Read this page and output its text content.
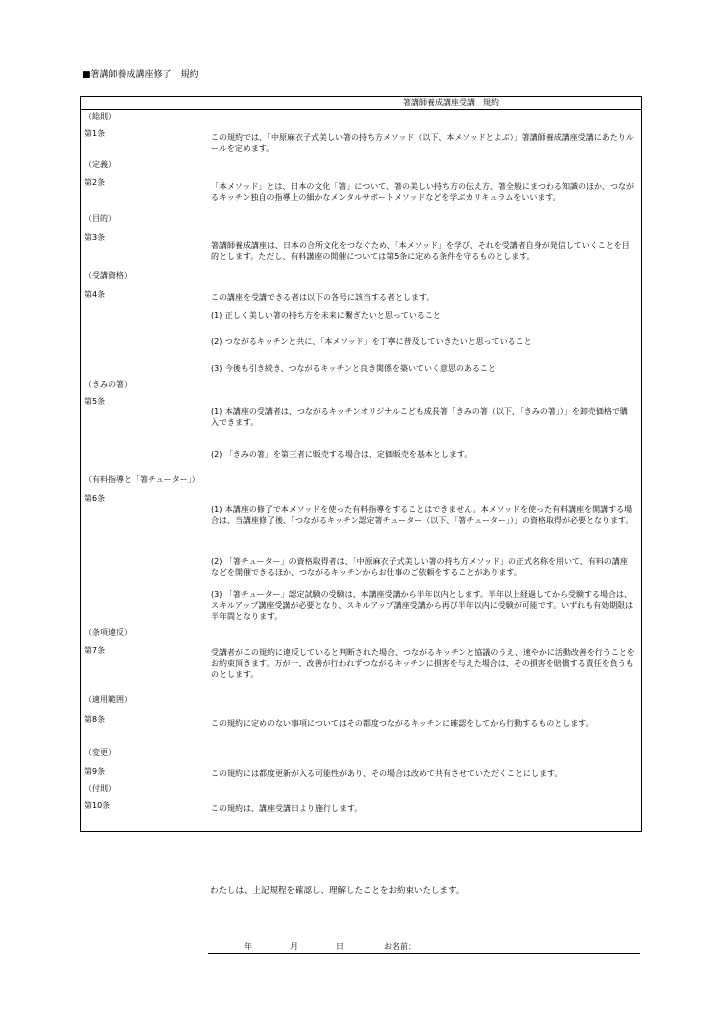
■箸講師養成講座修了　規約
箸講師養成講座受講　規約
（総則）
第1条	この規約では、「中原麻衣子式美しい箸の持ち方メソッド（以下、本メソッドとよぶ）」箸講師養成講座受講にあたりルールを定めます。
（定義）
第2条	「本メソッド」とは、日本の文化「箸」について、箸の美しい持ち方の伝え方、箸全般にまつわる知識のほか、つながるキッチン独自の指導上の細かなメンタルサポートメソッドなどを学ぶカリキュラムをいいます。
（目的）
第3条
箸講師養成講座は、日本の合所文化をつなぐため、「本メソッド」を学び、それを受講者自身が発信していくことを目的とします。ただし、有料講座の開催については第5条に定める条件を守るものとします。
（受講資格）
第4条	この講座を受講できる者は以下の各号に該当する者とします。
(1) 正しく美しい箸の持ち方を未来に繋ぎたいと思っていること
(2) つながるキッチンと共に、「本メソッド」を丁寧に普及していきたいと思っていること
(3) 今後も引き続き、つながるキッチンと良き関係を築いていく意思のあること
（きみの箸）
第5条
(1) 本講座の受講者は、つながるキッチンオリジナルこども成長箸「きみの箸（以下、「きみの箸」）」を卸売価格で購入できます。
(2) 「きみの箸」を第三者に販売する場合は、定価販売を基本とします。
（有料指導と「箸チューター」）
第6条
(1) 本講座の修了で本メソッドを使った有料指導をすることはできません。本メソッドを使った有料講座を開講する場合は、当講座修了後、「つながるキッチン認定箸チューター（以下、「箸チューター」）」の資格取得が必要となります。
(2) 「箸チューター」の資格取得者は、「中原麻衣子式美しい箸の持ち方メソッド」の正式名称を用いて、有料の講座などを開催できるほか、つながるキッチンからお仕事のご依頼をすることがあります。
(3) 「箸チューター」認定試験の受験は、本講座受講から半年以内とします。半年以上経過してから受験する場合は、スキルアップ講座受講が必要となり、スキルアップ講座受講から再び半年以内に受験が可能です。いずれも有効期限は半年間となります。
（条項違反）
第7条	受講者がこの規約に違反していると判断された場合、つながるキッチンと協議のうえ、速やかに活動改善を行うことをお約束頂きます。万が一、改善が行われずつながるキッチンに損害を与えた場合は、その損害を賠償する責任を負うものとします。
（適用範囲）
第8条	この規約に定めのない事項についてはその都度つながるキッチンに確認をしてから行動するものとします。
（変更）
第9条	この規約には都度更新が入る可能性があり、その場合は改めて共有させていただくことにします。
（付則）
第10条	この規約は、講座受講日より施行します。
わたしは、上記規程を確認し、理解したことをお約束いたします。
年	月	日	お名前：
